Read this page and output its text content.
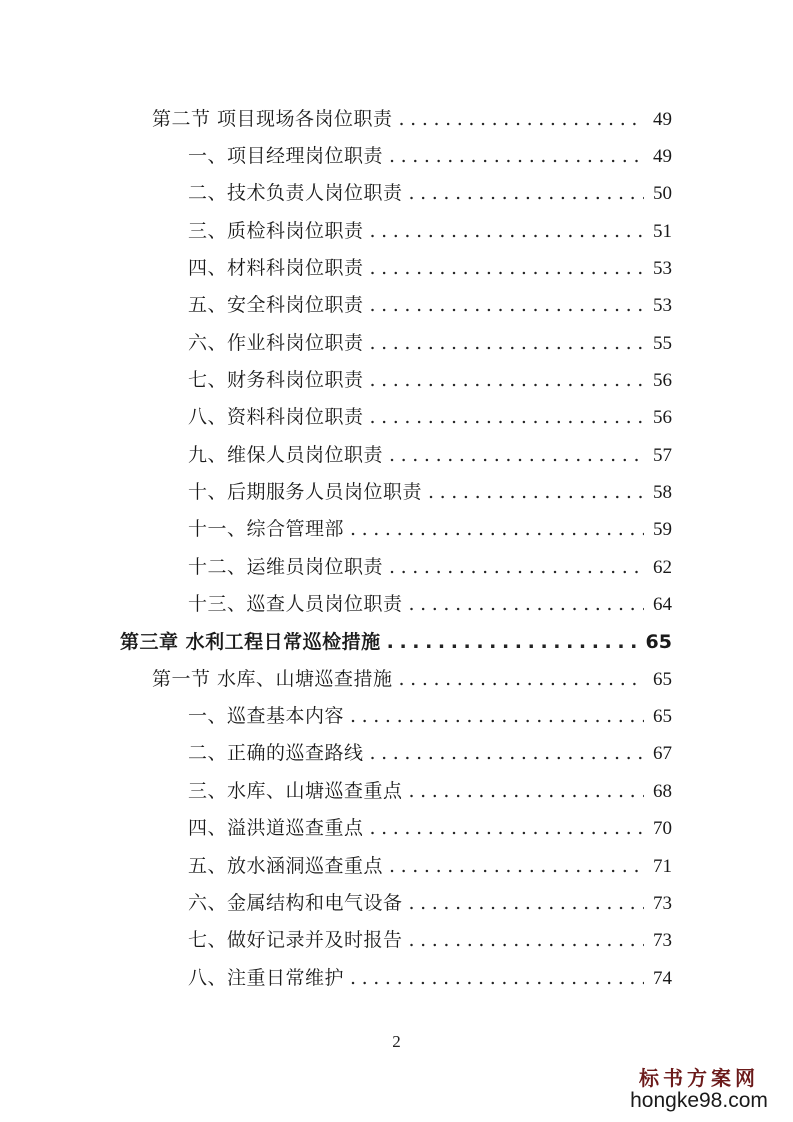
第二节 项目现场各岗位职责 .....	49
一、项目经理岗位职责 .....	49
二、技术负责人岗位职责 .....	50
三、质检科岗位职责 .....	51
四、材料科岗位职责 .....	53
五、安全科岗位职责 .....	53
六、作业科岗位职责 .....	55
七、财务科岗位职责 .....	56
八、资料科岗位职责 .....	56
九、维保人员岗位职责 .....	57
十、后期服务人员岗位职责 .....	58
十一、综合管理部 .....	59
十二、运维员岗位职责 .....	62
十三、巡查人员岗位职责 .....	64
第三章 水利工程日常巡检措施 .....	65
第一节 水库、山塘巡查措施 .....	65
一、巡查基本内容 .....	65
二、正确的巡查路线 .....	67
三、水库、山塘巡查重点 .....	68
四、溢洪道巡查重点 .....	70
五、放水涵洞巡查重点 .....	71
六、金属结构和电气设备 .....	73
七、做好记录并及时报告 .....	73
八、注重日常维护 .....	74
2
标书方案网
hongke98.com
